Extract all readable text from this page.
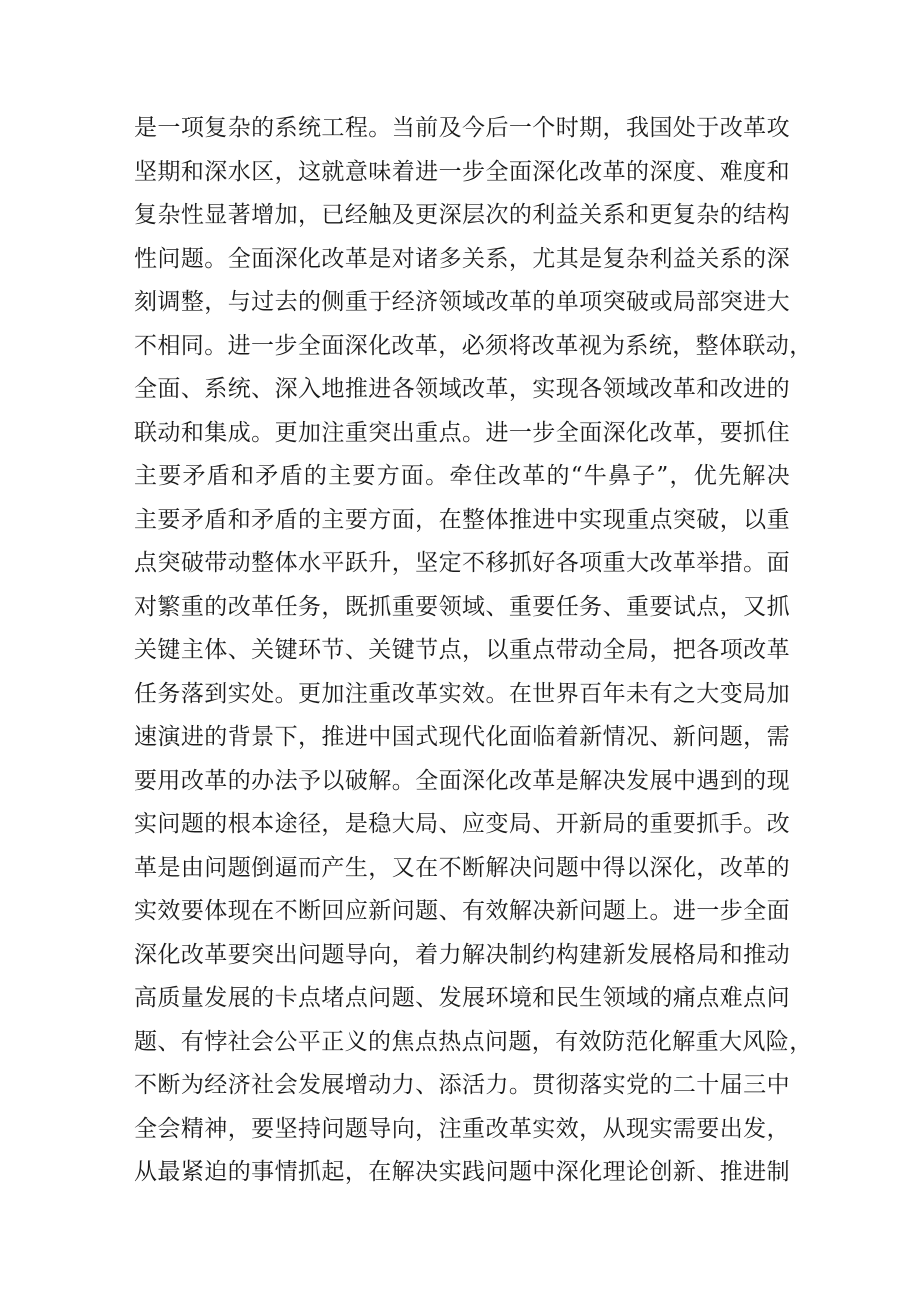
是一项复杂的系统工程。当前及今后一个时期，我国处于改革攻
坚期和深水区，这就意味着进一步全面深化改革的深度、难度和
复杂性显著增加，已经触及更深层次的利益关系和更复杂的结构
性问题。全面深化改革是对诸多关系，尤其是复杂利益关系的深
刻调整，与过去的侧重于经济领域改革的单项突破或局部突进大
不相同。进一步全面深化改革，必须将改革视为系统，整体联动，
全面、系统、深入地推进各领域改革，实现各领域改革和改进的
联动和集成。更加注重突出重点。进一步全面深化改革，要抓住
主要矛盾和矛盾的主要方面。牵住改革的“牛鼻子”，优先解决
主要矛盾和矛盾的主要方面，在整体推进中实现重点突破，以重
点突破带动整体水平跃升，坚定不移抓好各项重大改革举措。面
对繁重的改革任务，既抓重要领域、重要任务、重要试点，又抓
关键主体、关键环节、关键节点，以重点带动全局，把各项改革
任务落到实处。更加注重改革实效。在世界百年未有之大变局加
速演进的背景下，推进中国式现代化面临着新情况、新问题，需
要用改革的办法予以破解。全面深化改革是解决发展中遇到的现
实问题的根本途径，是稳大局、应变局、开新局的重要抓手。改
革是由问题倒逼而产生，又在不断解决问题中得以深化，改革的
实效要体现在不断回应新问题、有效解决新问题上。进一步全面
深化改革要突出问题导向，着力解决制约构建新发展格局和推动
高质量发展的卡点堵点问题、发展环境和民生领域的痛点难点问
题、有悖社会公平正义的焦点热点问题，有效防范化解重大风险，
不断为经济社会发展增动力、添活力。贯彻落实党的二十届三中
全会精神，要坚持问题导向，注重改革实效，从现实需要出发，
从最紧迫的事情抓起，在解决实践问题中深化理论创新、推进制
